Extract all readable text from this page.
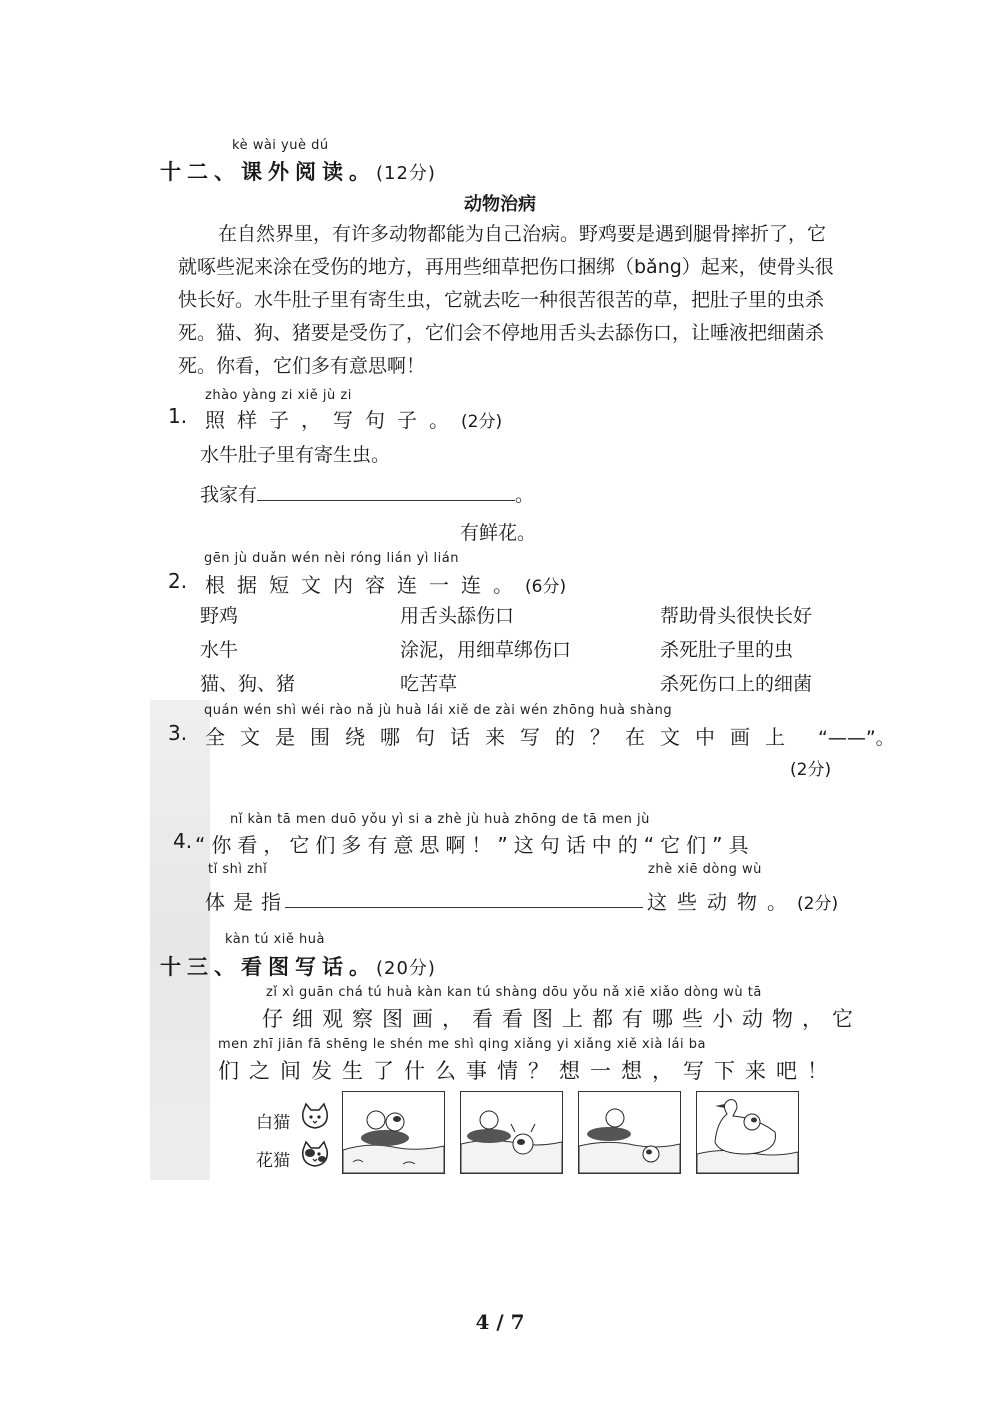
kè wài yuè dú
十二、课外阅读。(12分)
动物治病

在自然界里，有许多动物都能为自己治病。野鸡要是遇到腿骨摔折了，它就啄些泥来涂在受伤的地方，再用些细草把伤口捆绑（bǎng）起来，使骨头很快长好。水牛肚子里有寄生虫，它就去吃一种很苦很苦的草，把肚子里的虫杀死。猫、狗、猪要是受伤了，它们会不停地用舌头去舔伤口，让唾液把细菌杀死。你看，它们多有意思啊！

zhào yàng zi xiě jù zi
1. 照样子，写句子。(2分)
水牛肚子里有寄生虫。
我家有	。
有鲜花。
gēn jù duǎn wén nèi róng lián yì lián
2. 根据短文内容连一连。(6分)
野鸡
水牛
猫、狗、猪
用舌头舔伤口
涂泥，用细草绑伤口
吃苦草
帮助骨头很快长好
杀死肚子里的虫
杀死伤口上的细菌
quán wén shì wéi rào nǎ jù huà lái xiě de zài wén zhōng huà shàng
3. 全文是围绕哪句话来写的？在文中画上 “——”。
(2分)
nǐ kàn tā men duō yǒu yì si a zhè jù huà zhōng de tā men jù
4. “你看，它们多有意思啊！”这句话中的“它们”具
tǐ shì zhǐ
体是指
zhè xiē dòng wù
这些动物。(2分)
kàn tú xiě huà
十三、看图写话。(20分)
zǐ xì guān chá tú huà kàn kan tú shàng dōu yǒu nǎ xiē xiǎo dòng wù tā
仔细观察图画，看看图上都有哪些小动物，它
men zhī jiān fā shēng le shén me shì qing xiǎng yi xiǎng xiě xià lái ba
们之间发生了什么事情？想一想，写下来吧！
白猫
花猫
4 / 7
